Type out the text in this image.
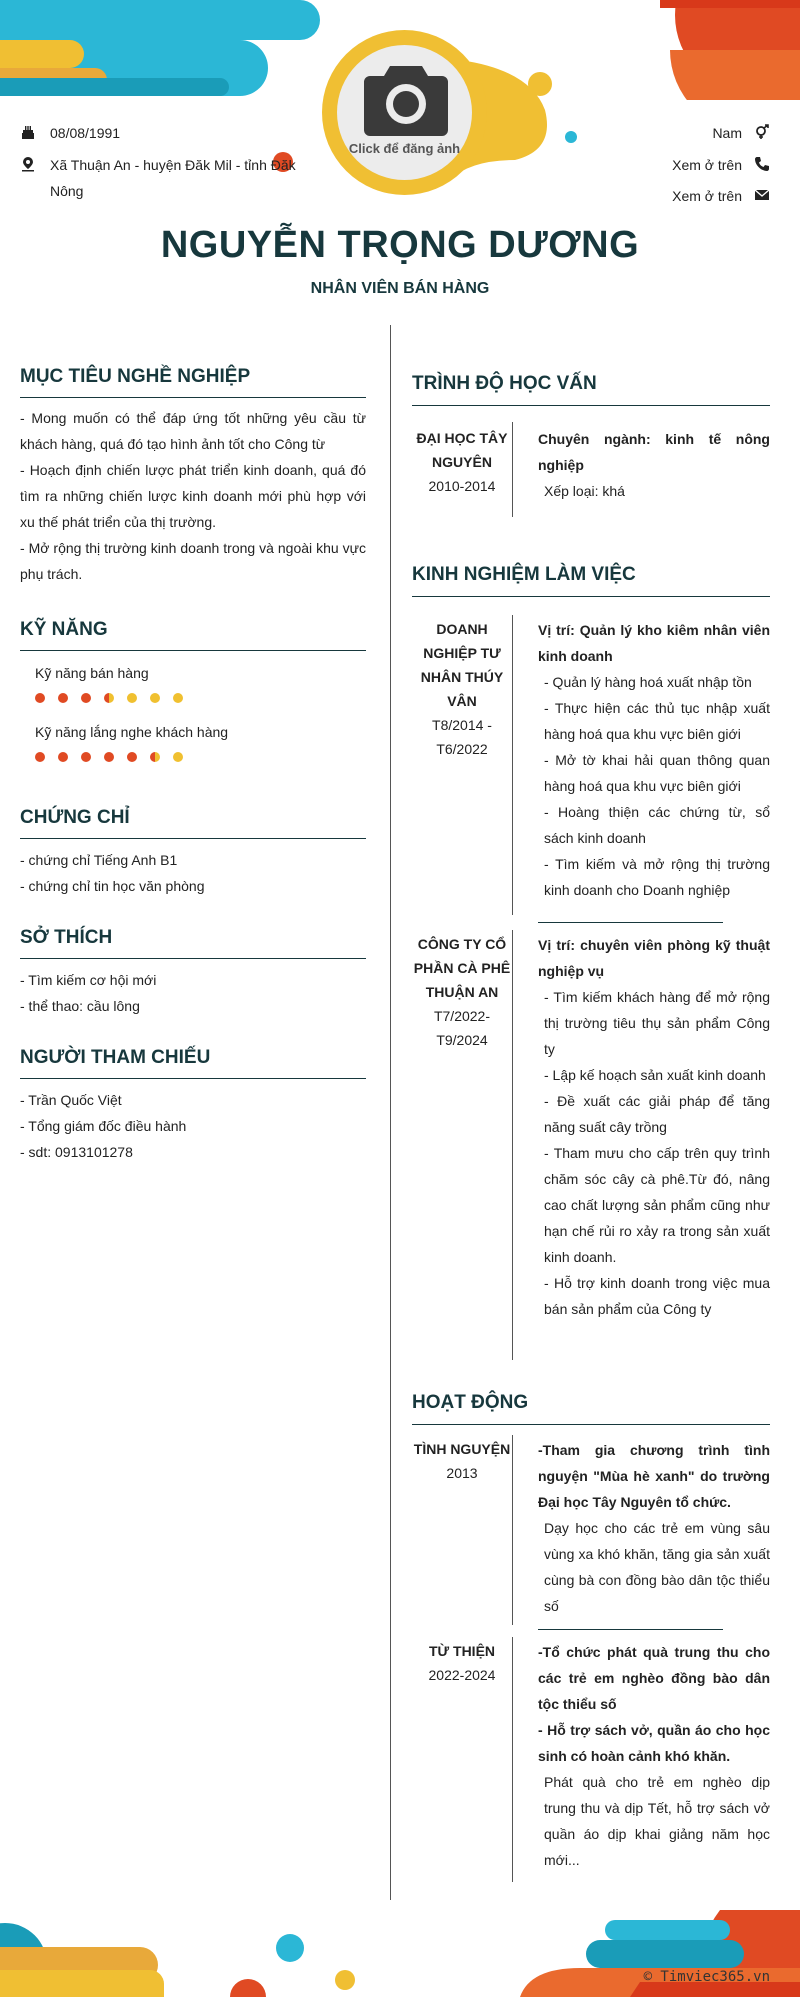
Click để đăng ảnh
08/08/1991
Xã Thuận An - huyện Đăk Mil - tỉnh Đăk Nông
Nam
Xem ở trên
Xem ở trên
NGUYỄN TRỌNG DƯƠNG
NHÂN VIÊN BÁN HÀNG
MỤC TIÊU NGHỀ NGHIỆP

- Mong muốn có thể đáp ứng tốt những yêu cầu từ khách hàng, quá đó tạo hình ảnh tốt cho Công từ

- Hoạch định chiến lược phát triển kinh doanh, quá đó tìm ra những chiến lược kinh doanh mới phù hợp với xu thế phát triển của thị trường.

- Mở rộng thị trường kinh doanh trong và ngoài khu vực phụ trách.

KỸ NĂNG
Kỹ năng bán hàng
Kỹ năng lắng nghe khách hàng
CHỨNG CHỈ

- chứng chỉ Tiếng Anh B1

- chứng chỉ tin học văn phòng

SỞ THÍCH

- Tìm kiếm cơ hội mới

- thể thao: cầu lông

NGƯỜI THAM CHIẾU

- Trần Quốc Việt

- Tổng giám đốc điều hành

- sdt: 0913101278

TRÌNH ĐỘ HỌC VẤN
ĐẠI HỌC TÂY NGUYÊN
2010-2014
Chuyên ngành: kinh tế nông nghiệp
Xếp loại: khá
KINH NGHIỆM LÀM VIỆC
DOANH NGHIỆP TƯ NHÂN THÚY VÂN
T8/2014 - T6/2022
Vị trí: Quản lý kho kiêm nhân viên kinh doanh
- Quản lý hàng hoá xuất nhập tồn
- Thực hiện các thủ tục nhập xuất hàng hoá qua khu vực biên giới
- Mở tờ khai hải quan thông quan hàng hoá qua khu vực biên giới
- Hoàng thiện các chứng từ, sổ sách kinh doanh
- Tìm kiếm và mở rộng thị trường kinh doanh cho Doanh nghiệp
CÔNG TY CỔ PHẦN CÀ PHÊ THUẬN AN
T7/2022- T9/2024
Vị trí: chuyên viên phòng kỹ thuật nghiệp vụ
- Tìm kiếm khách hàng để mở rộng thị trường tiêu thụ sản phẩm Công ty
- Lập kế hoạch sản xuất kinh doanh
- Đề xuất các giải pháp để tăng năng suất cây trồng
- Tham mưu cho cấp trên quy trình chăm sóc cây cà phê.Từ đó, nâng cao chất lượng sản phẩm cũng như hạn chế rủi ro xảy ra trong sản xuất kinh doanh.
- Hỗ trợ kinh doanh trong việc mua bán sản phẩm của Công ty
HOẠT ĐỘNG
TÌNH NGUYỆN
2013
-Tham gia chương trình tình nguyện "Mùa hè xanh" do trường Đại học Tây Nguyên tổ chức.
Dạy học cho các trẻ em vùng sâu vùng xa khó khăn, tăng gia sản xuất cùng bà con đồng bào dân tộc thiểu số
TỪ THIỆN
2022-2024
-Tổ chức phát quà trung thu cho các trẻ em nghèo đồng bào dân tộc thiểu số
- Hỗ trợ sách vở, quần áo cho học sinh có hoàn cảnh khó khăn.
Phát quà cho trẻ em nghèo dịp trung thu và dịp Tết, hỗ trợ sách vở quần áo dịp khai giảng năm học mới...
© Timviec365.vn
